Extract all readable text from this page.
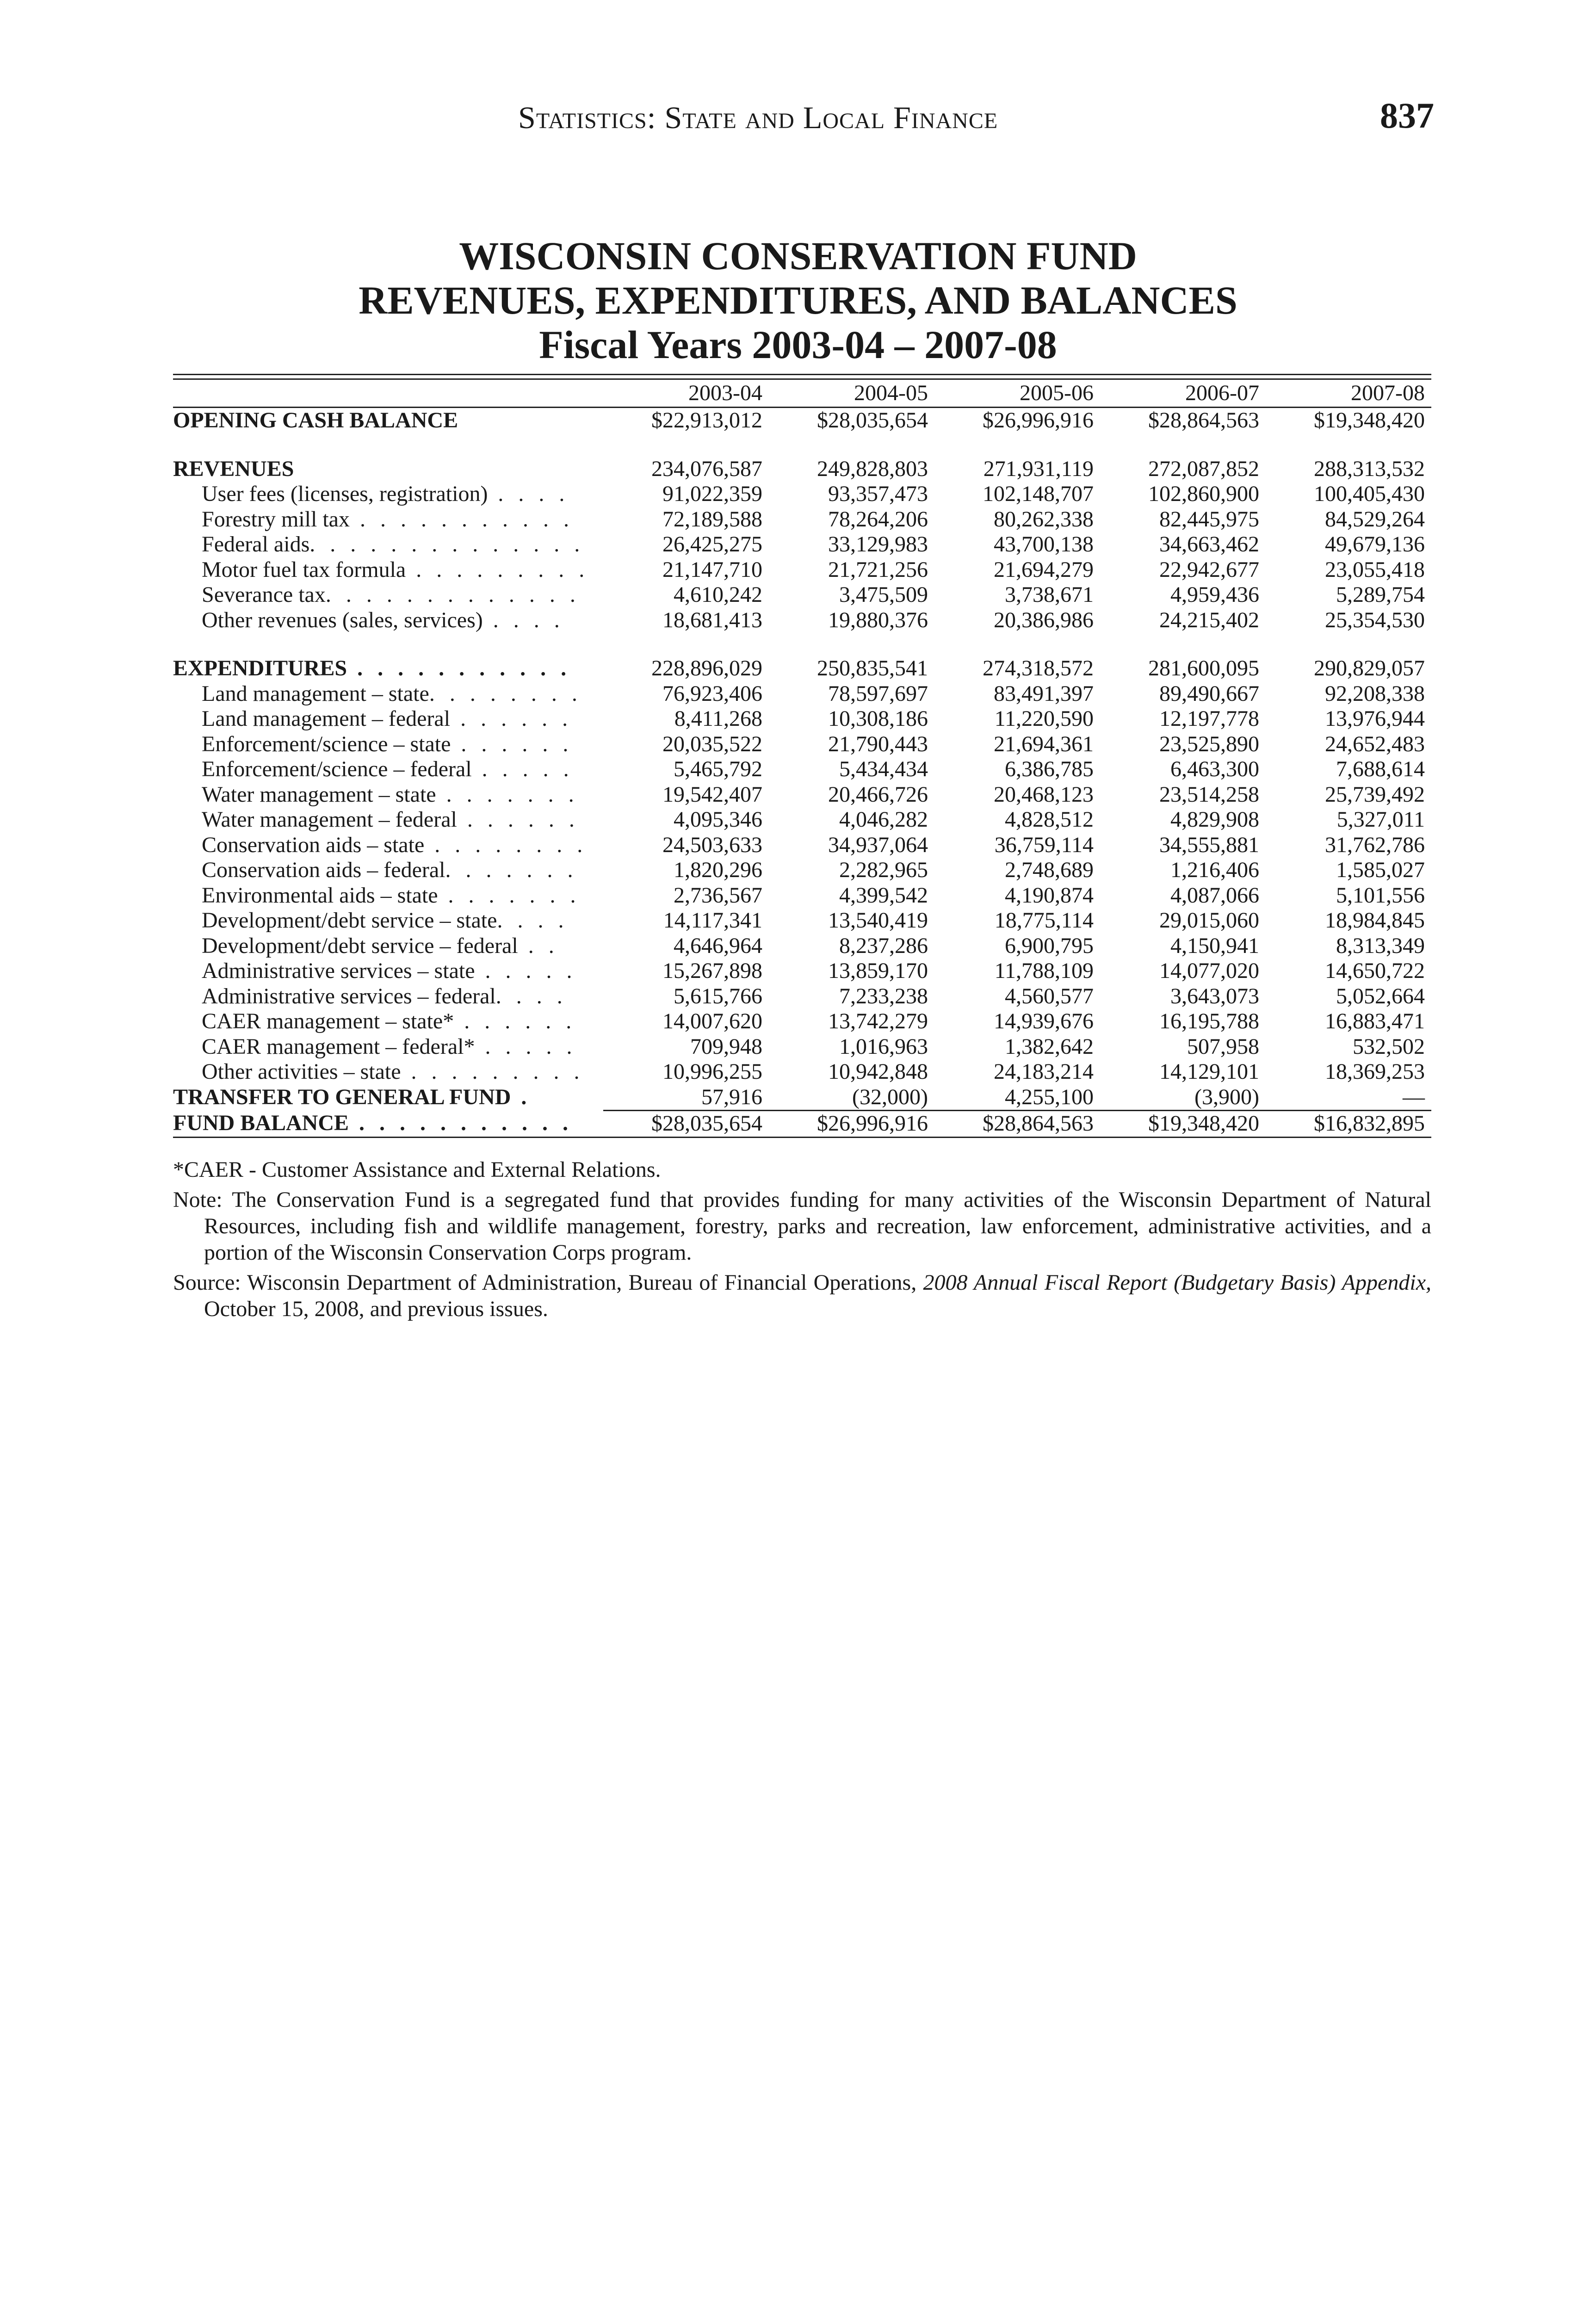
Statistics: State and Local Finance	837
WISCONSIN CONSERVATION FUND
REVENUES, EXPENDITURES, AND BALANCES
Fiscal Years 2003-04 – 2007-08
	2003-04	2004-05	2005-06	2006-07	2007-08
OPENING CASH BALANCE	$22,913,012	$28,035,654	$26,996,916	$28,864,563	$19,348,420

REVENUES	234,076,587	249,828,803	271,931,119	272,087,852	288,313,532
User fees (licenses, registration) . . . .	91,022,359	93,357,473	102,148,707	102,860,900	100,405,430
Forestry mill tax . . . . . . . . . . .	72,189,588	78,264,206	80,262,338	82,445,975	84,529,264
Federal aids. . . . . . . . . . . . . .	26,425,275	33,129,983	43,700,138	34,663,462	49,679,136
Motor fuel tax formula . . . . . . . . .	21,147,710	21,721,256	21,694,279	22,942,677	23,055,418
Severance tax. . . . . . . . . . . . .	4,610,242	3,475,509	3,738,671	4,959,436	5,289,754
Other revenues (sales, services) . . . .	18,681,413	19,880,376	20,386,986	24,215,402	25,354,530

EXPENDITURES . . . . . . . . . . .	228,896,029	250,835,541	274,318,572	281,600,095	290,829,057
Land management – state. . . . . . . .	76,923,406	78,597,697	83,491,397	89,490,667	92,208,338
Land management – federal . . . . . .	8,411,268	10,308,186	11,220,590	12,197,778	13,976,944
Enforcement/science – state . . . . . .	20,035,522	21,790,443	21,694,361	23,525,890	24,652,483
Enforcement/science – federal . . . . .	5,465,792	5,434,434	6,386,785	6,463,300	7,688,614
Water management – state . . . . . . .	19,542,407	20,466,726	20,468,123	23,514,258	25,739,492
Water management – federal . . . . . .	4,095,346	4,046,282	4,828,512	4,829,908	5,327,011
Conservation aids – state . . . . . . . .	24,503,633	34,937,064	36,759,114	34,555,881	31,762,786
Conservation aids – federal. . . . . . .	1,820,296	2,282,965	2,748,689	1,216,406	1,585,027
Environmental aids – state . . . . . . .	2,736,567	4,399,542	4,190,874	4,087,066	5,101,556
Development/debt service – state. . . .	14,117,341	13,540,419	18,775,114	29,015,060	18,984,845
Development/debt service – federal . .	4,646,964	8,237,286	6,900,795	4,150,941	8,313,349
Administrative services – state . . . . .	15,267,898	13,859,170	11,788,109	14,077,020	14,650,722
Administrative services – federal. . . .	5,615,766	7,233,238	4,560,577	3,643,073	5,052,664
CAER management – state* . . . . . .	14,007,620	13,742,279	14,939,676	16,195,788	16,883,471
CAER management – federal* . . . . .	709,948	1,016,963	1,382,642	507,958	532,502
Other activities – state . . . . . . . . .	10,996,255	10,942,848	24,183,214	14,129,101	18,369,253
TRANSFER TO GENERAL FUND .	57,916	(32,000)	4,255,100	(3,900)	—
FUND BALANCE . . . . . . . . . . .	$28,035,654	$26,996,916	$28,864,563	$19,348,420	$16,832,895

*CAER - Customer Assistance and External Relations.

Note: The Conservation Fund is a segregated fund that provides funding for many activities of the Wisconsin Department of Natural Resources, including fish and wildlife management, forestry, parks and recreation, law enforcement, administrative activities, and a portion of the Wisconsin Conservation Corps program.

Source: Wisconsin Department of Administration, Bureau of Financial Operations, 2008 Annual Fiscal Report (Budgetary Basis) Appendix, October 15, 2008, and previous issues.
